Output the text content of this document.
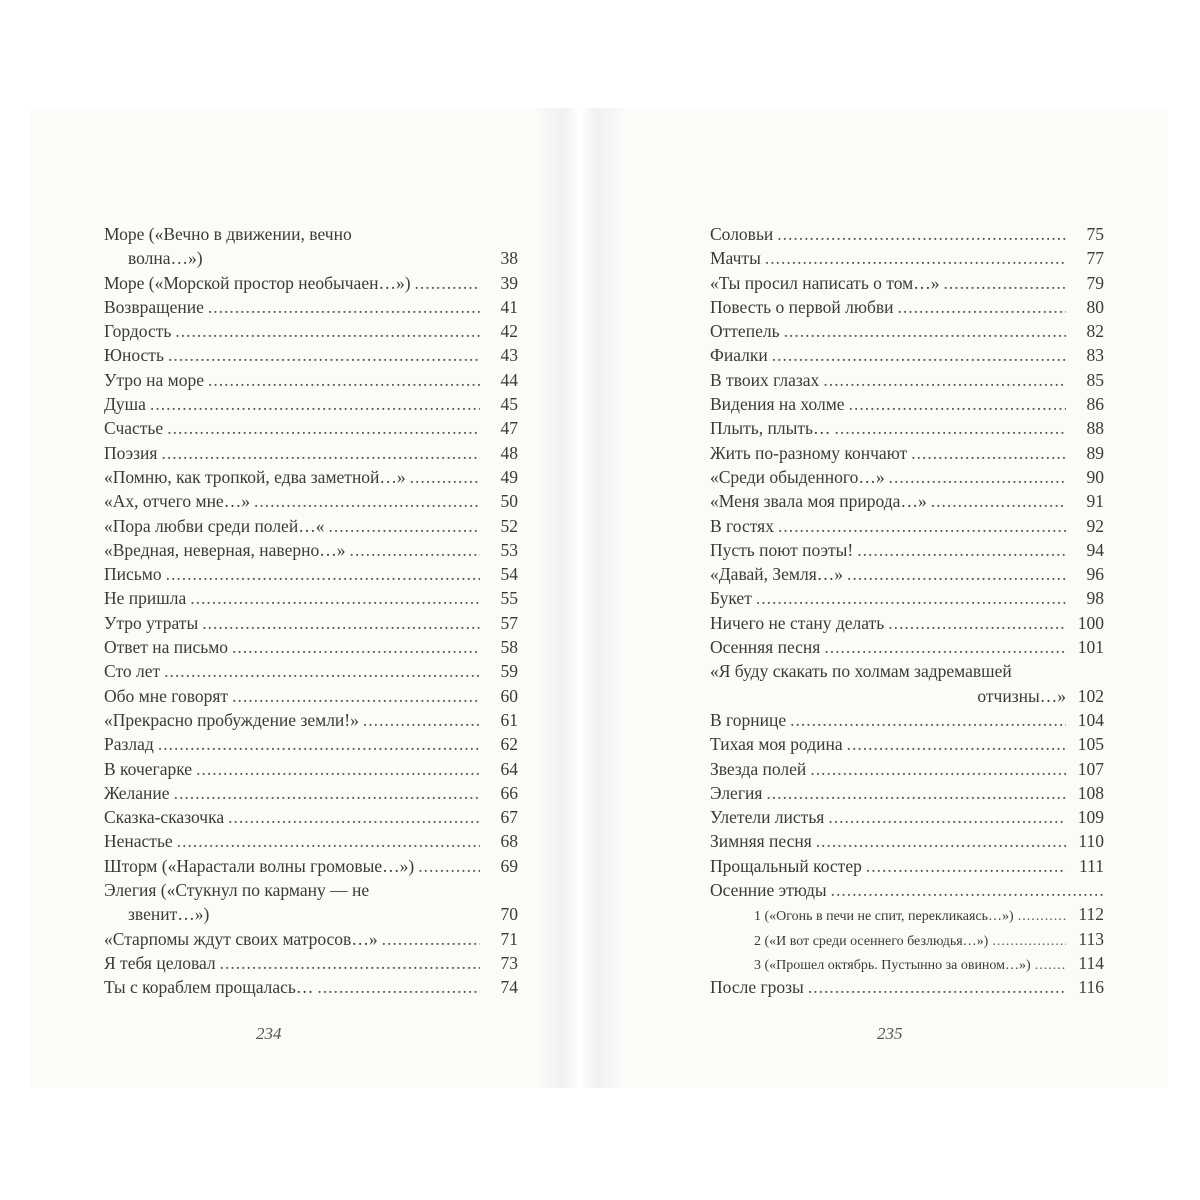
Море («Вечно в движении, вечно
волна…»)	38
Море («Морской простор необычаен…») .....	39
Возвращение .....	41
Гордость .....	42
Юность .....	43
Утро на море .....	44
Душа .....	45
Счастье .....	47
Поэзия .....	48
«Помню, как тропкой, едва заметной…» .....	49
«Ах, отчего мне…» .....	50
«Пора любви среди полей…« .....	52
«Вредная, неверная, наверно…» .....	53
Письмо .....	54
Не пришла .....	55
Утро утраты .....	57
Ответ на письмо .....	58
Сто лет .....	59
Обо мне говорят .....	60
«Прекрасно пробуждение земли!» .....	61
Разлад .....	62
В кочегарке .....	64
Желание .....	66
Сказка-сказочка .....	67
Ненастье .....	68
Шторм («Нарастали волны громовые…») .....	69
Элегия («Стукнул по карману — не
звенит…»)	70
«Старпомы ждут своих матросов…» .....	71
Я тебя целовал .....	73
Ты с кораблем прощалась… .....	74
234
Соловьи .....	75
Мачты .....	77
«Ты просил написать о том…» .....	79
Повесть о первой любви .....	80
Оттепель .....	82
Фиалки .....	83
В твоих глазах .....	85
Видения на холме .....	86
Плыть, плыть… .....	88
Жить по-разному кончают .....	89
«Среди обыденного…» .....	90
«Меня звала моя природа…» .....	91
В гостях .....	92
Пусть поют поэты! .....	94
«Давай, Земля…» .....	96
Букет .....	98
Ничего не стану делать .....	100
Осенняя песня .....	101
«Я буду скакать по холмам задремавшей
отчизны…» 102
В горнице .....	104
Тихая моя родина .....	105
Звезда полей .....	107
Элегия .....	108
Улетели листья .....	109
Зимняя песня .....	110
Прощальный костер .....	111
Осенние этюды
.....
1 («Огонь в печи не спит, перекликаясь…») .....	112
2 («И вот среди осеннего безлюдья…») .....	113
3 («Прошел октябрь. Пустынно за овином…») .....	114
После грозы .....	116
235
